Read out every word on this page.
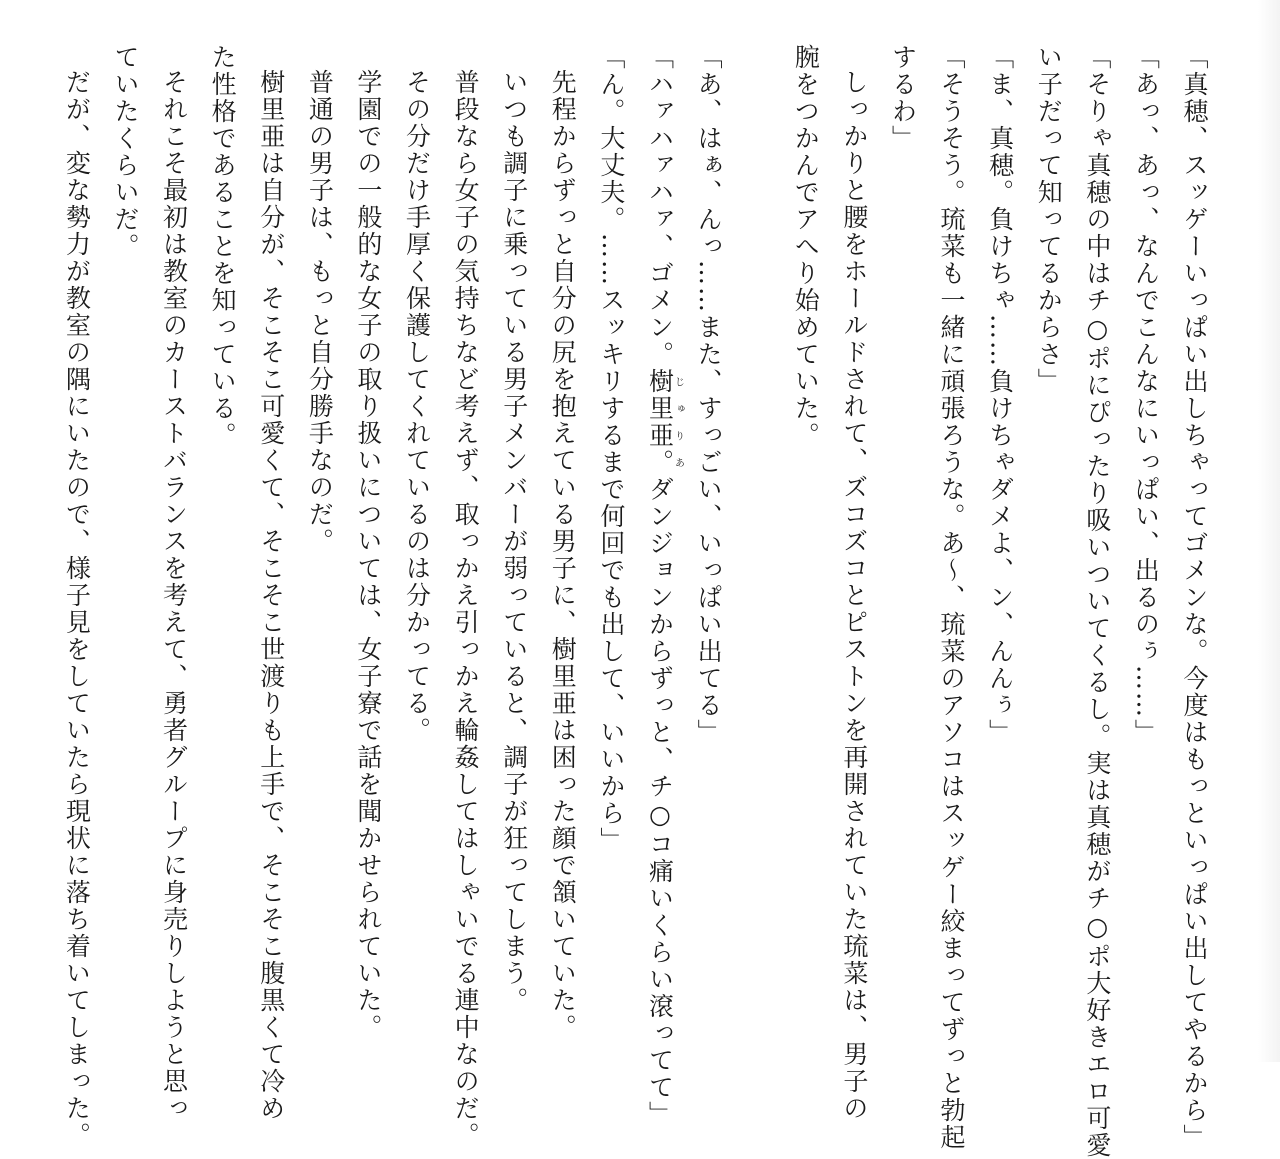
「真穂、スッゲーいっぱい出しちゃってゴメンな。今度はもっといっぱい出してやるから」
「あっ、あっ、なんでこんなにいっぱい、出るのぅ……」
「そりゃ真穂の中はチ○ポにぴったり吸いついてくるし。実は真穂がチ○ポ大好きエロ可愛
い子だって知ってるからさ」
「ま、真穂。負けちゃ……負けちゃダメよ、ン、んんぅ」
「そうそう。琉菜も一緒に頑張ろうな。あ～、琉菜のアソコはスッゲー絞まってずっと勃起
するわ」
しっかりと腰をホールドされて、ズコズコとピストンを再開されていた琉菜は、男子の
腕をつかんでアへり始めていた。

「あ、はぁ、んっ……また、すっごい、いっぱい出てる」
「ハァハァハァ、ゴメン。樹里亜。じゅりあダンジョンからずっと、チ○コ痛いくらい滾ってて」
「ん。大丈夫。……スッキリするまで何回でも出して、いいから」
先程からずっと自分の尻を抱えている男子に、樹里亜は困った顔で頷いていた。
いつも調子に乗っている男子メンバーが弱っていると、調子が狂ってしまう。
普段なら女子の気持ちなど考えず、取っかえ引っかえ輪姦してはしゃいでる連中なのだ。
その分だけ手厚く保護してくれているのは分かってる。
学園での一般的な女子の取り扱いについては、女子寮で話を聞かせられていた。
普通の男子は、もっと自分勝手なのだ。
樹里亜は自分が、そこそこ可愛くて、そこそこ世渡りも上手で、そこそこ腹黒くて冷め
た性格であることを知っている。
それこそ最初は教室のカーストバランスを考えて、勇者グループに身売りしようと思っ
ていたくらいだ。
だが、変な勢力が教室の隅にいたので、様子見をしていたら現状に落ち着いてしまった。
